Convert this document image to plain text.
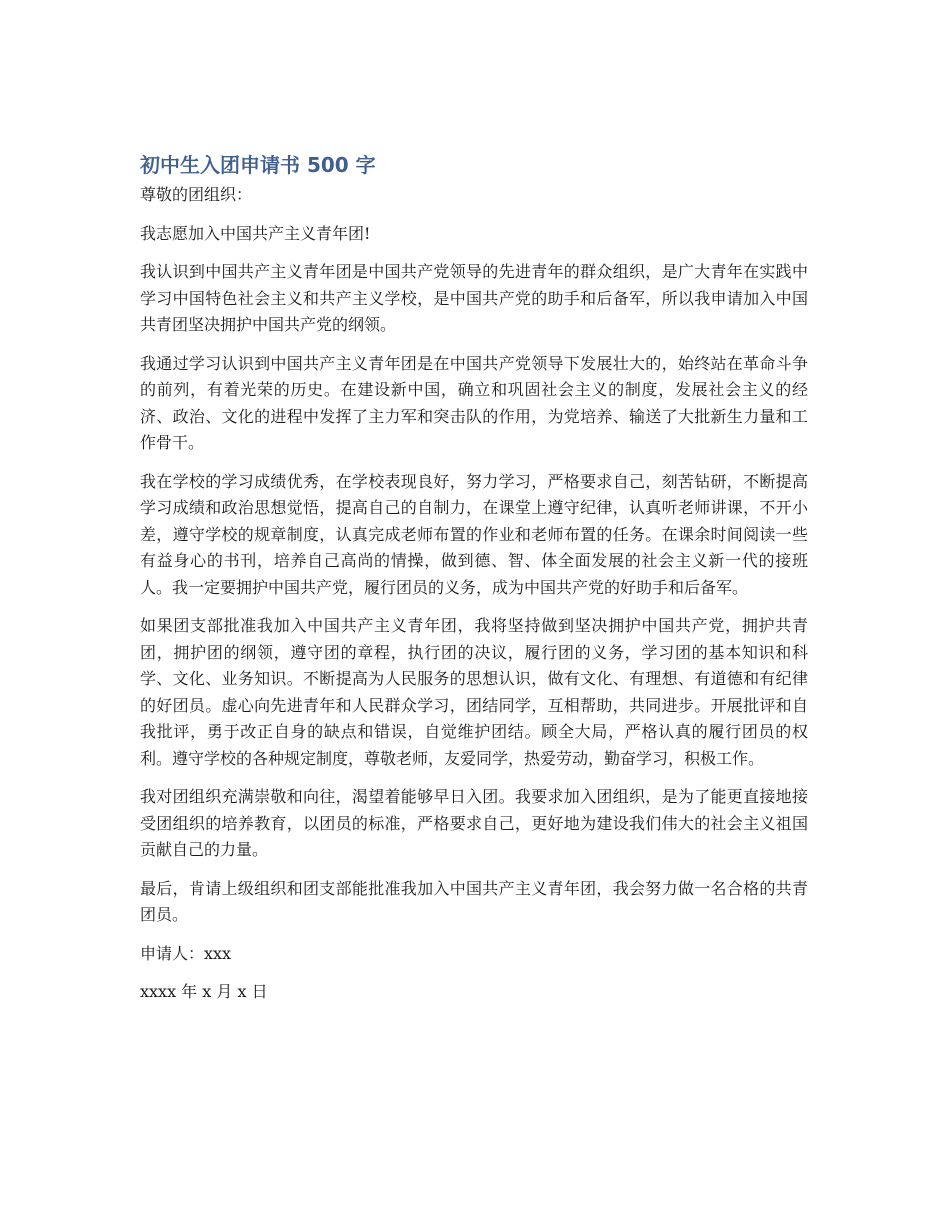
初中生入团申请书 500 字
尊敬的团组织：

我志愿加入中国共产主义青年团!

我认识到中国共产主义青年团是中国共产党领导的先进青年的群众组织，是广大青年在实践中学习中国特色社会主义和共产主义学校，是中国共产党的助手和后备军，所以我申请加入中国共青团坚决拥护中国共产党的纲领。

我通过学习认识到中国共产主义青年团是在中国共产党领导下发展壮大的，始终站在革命斗争的前列，有着光荣的历史。在建设新中国，确立和巩固社会主义的制度，发展社会主义的经济、政治、文化的进程中发挥了主力军和突击队的作用，为党培养、输送了大批新生力量和工作骨干。

我在学校的学习成绩优秀，在学校表现良好，努力学习，严格要求自己，刻苦钻研，不断提高学习成绩和政治思想觉悟，提高自己的自制力，在课堂上遵守纪律，认真听老师讲课，不开小差，遵守学校的规章制度，认真完成老师布置的作业和老师布置的任务。在课余时间阅读一些有益身心的书刊，培养自己高尚的情操，做到德、智、体全面发展的社会主义新一代的接班人。我一定要拥护中国共产党，履行团员的义务，成为中国共产党的好助手和后备军。

如果团支部批准我加入中国共产主义青年团，我将坚持做到坚决拥护中国共产党，拥护共青团，拥护团的纲领，遵守团的章程，执行团的决议，履行团的义务，学习团的基本知识和科学、文化、业务知识。不断提高为人民服务的思想认识，做有文化、有理想、有道德和有纪律的好团员。虚心向先进青年和人民群众学习，团结同学，互相帮助，共同进步。开展批评和自我批评，勇于改正自身的缺点和错误，自觉维护团结。顾全大局，严格认真的履行团员的权利。遵守学校的各种规定制度，尊敬老师，友爱同学，热爱劳动，勤奋学习，积极工作。

我对团组织充满崇敬和向往，渴望着能够早日入团。我要求加入团组织，是为了能更直接地接受团组织的培养教育，以团员的标准，严格要求自己，更好地为建设我们伟大的社会主义祖国贡献自己的力量。

最后，肯请上级组织和团支部能批准我加入中国共产主义青年团，我会努力做一名合格的共青团员。

申请人：xxx

xxxx 年 x 月 x 日
